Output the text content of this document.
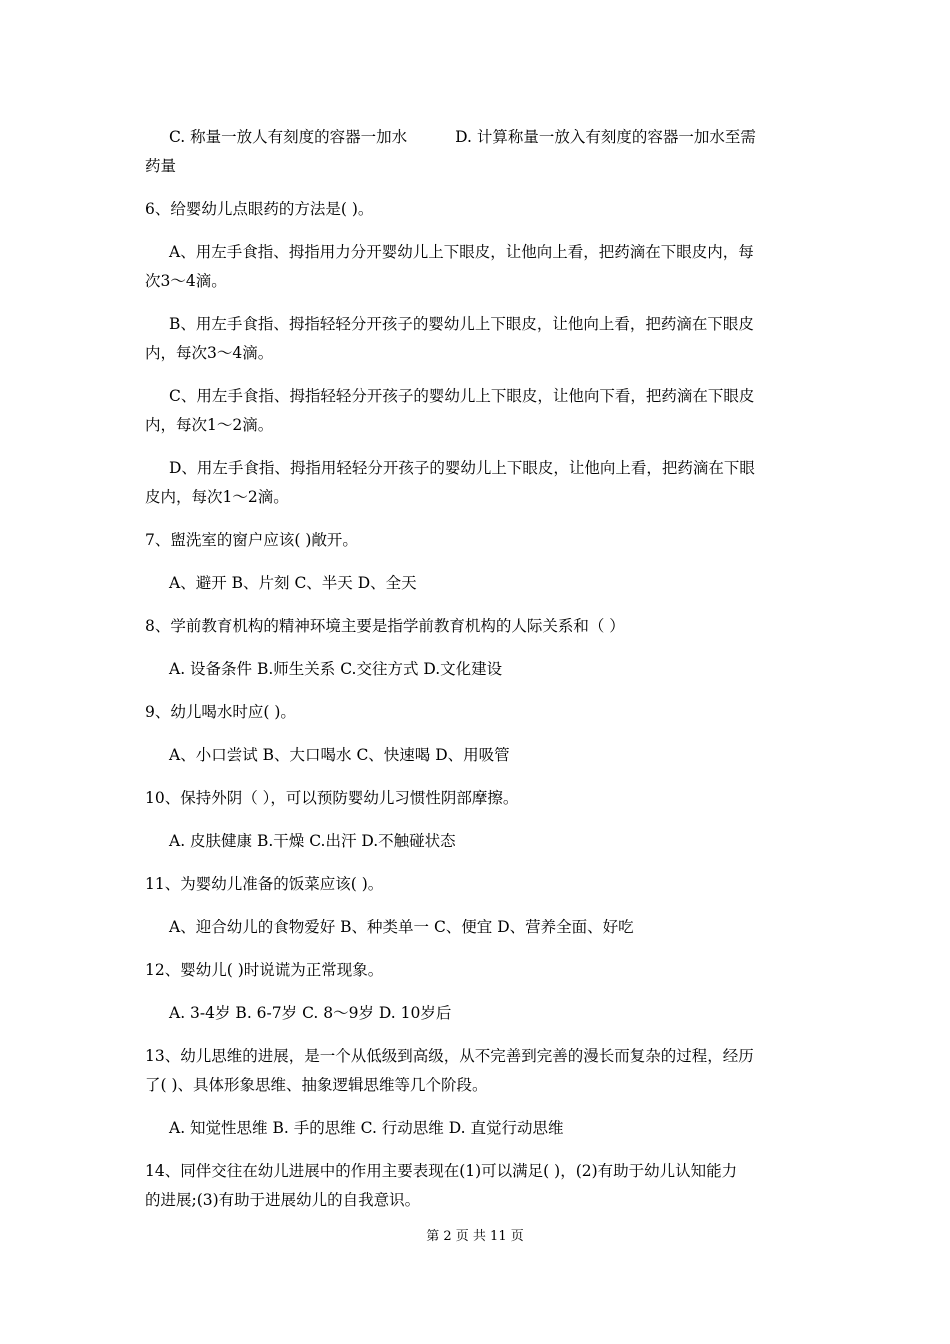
C. 称量一放人有刻度的容器一加水	D. 计算称量一放入有刻度的容器一加水至需
药量
6、给婴幼儿点眼药的方法是( )。
A、用左手食指、拇指用力分开婴幼儿上下眼皮，让他向上看，把药滴在下眼皮内，每
次3～4滴。
B、用左手食指、拇指轻轻分开孩子的婴幼儿上下眼皮，让他向上看，把药滴在下眼皮
内，每次3～4滴。
C、用左手食指、拇指轻轻分开孩子的婴幼儿上下眼皮，让他向下看，把药滴在下眼皮
内，每次1～2滴。
D、用左手食指、拇指用轻轻分开孩子的婴幼儿上下眼皮，让他向上看，把药滴在下眼
皮内，每次1～2滴。
7、盥洗室的窗户应该( )敞开。
A、避开 B、片刻 C、半天 D、全天
8、学前教育机构的精神环境主要是指学前教育机构的人际关系和（ ）
A. 设备条件 B.师生关系 C.交往方式 D.文化建设
9、幼儿喝水时应( )。
A、小口尝试 B、大口喝水 C、快速喝 D、用吸管
10、保持外阴（ ），可以预防婴幼儿习惯性阴部摩擦。
A. 皮肤健康 B.干燥 C.出汗 D.不触碰状态
11、为婴幼儿准备的饭菜应该( )。
A、迎合幼儿的食物爱好 B、种类单一 C、便宜 D、营养全面、好吃
12、婴幼儿( )时说谎为正常现象。
A. 3-4岁 B. 6-7岁 C. 8～9岁 D. 10岁后
13、幼儿思维的进展，是一个从低级到高级，从不完善到完善的漫长而复杂的过程，经历
了( )、具体形象思维、抽象逻辑思维等几个阶段。
A. 知觉性思维 B. 手的思维 C. 行动思维 D. 直觉行动思维
14、同伴交往在幼儿进展中的作用主要表现在(1)可以满足( )，(2)有助于幼儿认知能力
的进展;(3)有助于进展幼儿的自我意识。
第 2 页 共 11 页
